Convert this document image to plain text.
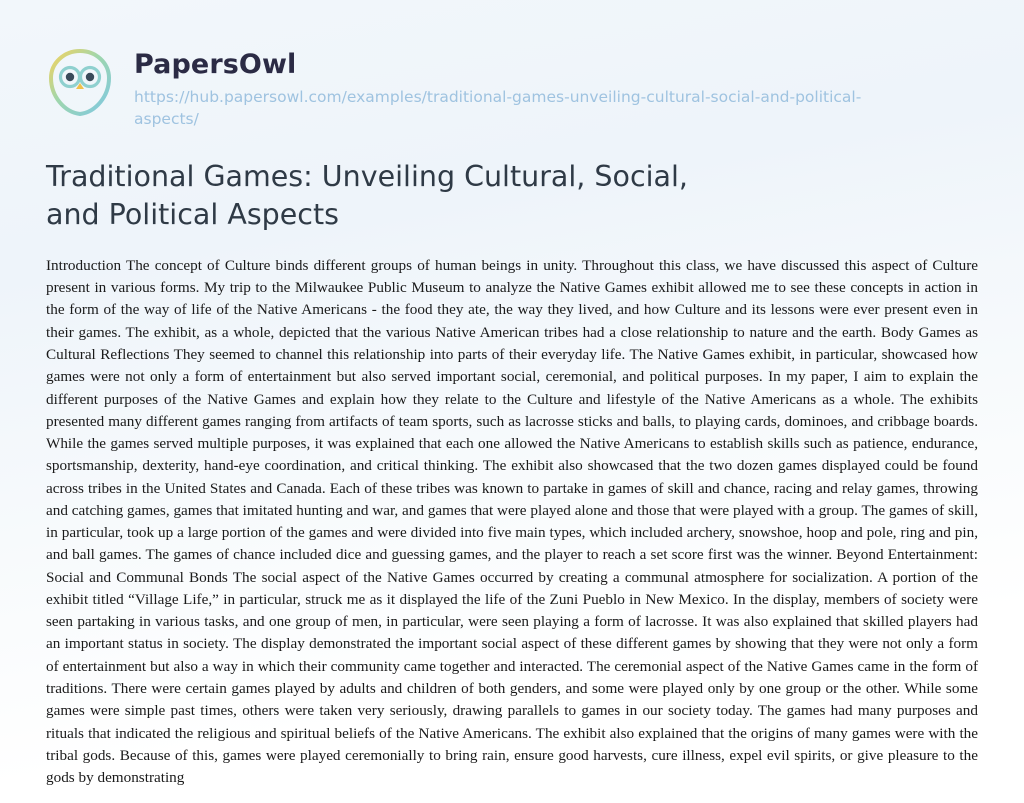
PapersOwl
https://hub.papersowl.com/examples/traditional-games-unveiling-cultural-social-and-political-aspects/
Traditional Games: Unveiling Cultural, Social, and Political Aspects
Introduction The concept of Culture binds different groups of human beings in unity. Throughout this class, we have discussed this aspect of Culture present in various forms. My trip to the Milwaukee Public Museum to analyze the Native Games exhibit allowed me to see these concepts in action in the form of the way of life of the Native Americans - the food they ate, the way they lived, and how Culture and its lessons were ever present even in their games. The exhibit, as a whole, depicted that the various Native American tribes had a close relationship to nature and the earth. Body Games as Cultural Reflections They seemed to channel this relationship into parts of their everyday life. The Native Games exhibit, in particular, showcased how games were not only a form of entertainment but also served important social, ceremonial, and political purposes. In my paper, I aim to explain the different purposes of the Native Games and explain how they relate to the Culture and lifestyle of the Native Americans as a whole. The exhibits presented many different games ranging from artifacts of team sports, such as lacrosse sticks and balls, to playing cards, dominoes, and cribbage boards. While the games served multiple purposes, it was explained that each one allowed the Native Americans to establish skills such as patience, endurance, sportsmanship, dexterity, hand-eye coordination, and critical thinking. The exhibit also showcased that the two dozen games displayed could be found across tribes in the United States and Canada. Each of these tribes was known to partake in games of skill and chance, racing and relay games, throwing and catching games, games that imitated hunting and war, and games that were played alone and those that were played with a group. The games of skill, in particular, took up a large portion of the games and were divided into five main types, which included archery, snowshoe, hoop and pole, ring and pin, and ball games. The games of chance included dice and guessing games, and the player to reach a set score first was the winner. Beyond Entertainment: Social and Communal Bonds The social aspect of the Native Games occurred by creating a communal atmosphere for socialization. A portion of the exhibit titled “Village Life,” in particular, struck me as it displayed the life of the Zuni Pueblo in New Mexico. In the display, members of society were seen partaking in various tasks, and one group of men, in particular, were seen playing a form of lacrosse. It was also explained that skilled players had an important status in society. The display demonstrated the important social aspect of these different games by showing that they were not only a form of entertainment but also a way in which their community came together and interacted. The ceremonial aspect of the Native Games came in the form of traditions. There were certain games played by adults and children of both genders, and some were played only by one group or the other. While some games were simple past times, others were taken very seriously, drawing parallels to games in our society today. The games had many purposes and rituals that indicated the religious and spiritual beliefs of the Native Americans. The exhibit also explained that the origins of many games were with the tribal gods. Because of this, games were played ceremonially to bring rain, ensure good harvests, cure illness, expel evil spirits, or give pleasure to the gods by demonstrating
